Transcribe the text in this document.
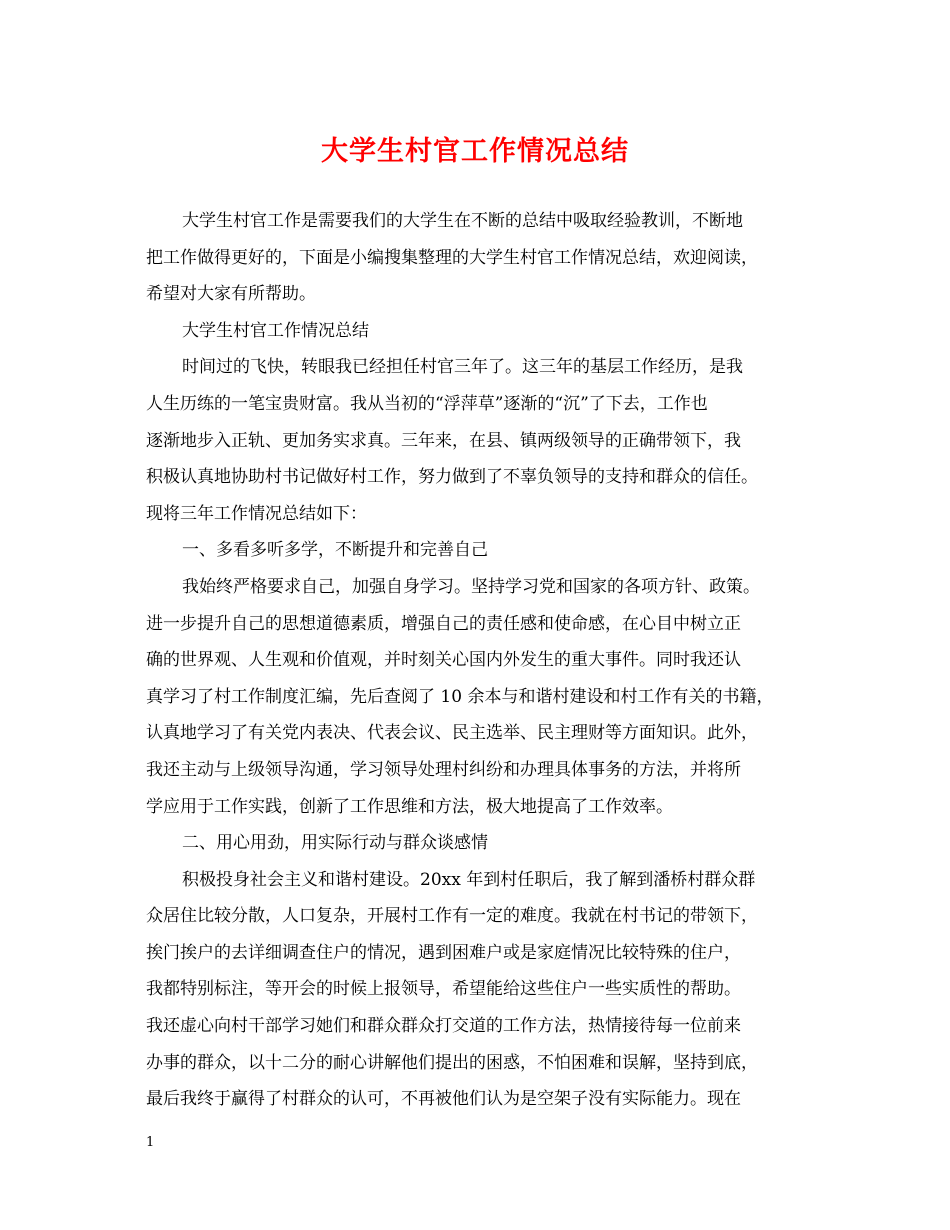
大学生村官工作情况总结
大学生村官工作是需要我们的大学生在不断的总结中吸取经验教训，不断地
把工作做得更好的，下面是小编搜集整理的大学生村官工作情况总结，欢迎阅读，
希望对大家有所帮助。
大学生村官工作情况总结
时间过的飞快，转眼我已经担任村官三年了。这三年的基层工作经历，是我
人生历练的一笔宝贵财富。我从当初的“浮萍草”逐渐的“沉”了下去，工作也
逐渐地步入正轨、更加务实求真。三年来，在县、镇两级领导的正确带领下，我
积极认真地协助村书记做好村工作，努力做到了不辜负领导的支持和群众的信任。
现将三年工作情况总结如下：
一、多看多听多学，不断提升和完善自己
我始终严格要求自己，加强自身学习。坚持学习党和国家的各项方针、政策。
进一步提升自己的思想道德素质，增强自己的责任感和使命感，在心目中树立正
确的世界观、人生观和价值观，并时刻关心国内外发生的重大事件。同时我还认
真学习了村工作制度汇编，先后查阅了 10 余本与和谐村建设和村工作有关的书籍，
认真地学习了有关党内表决、代表会议、民主选举、民主理财等方面知识。此外，
我还主动与上级领导沟通，学习领导处理村纠纷和办理具体事务的方法，并将所
学应用于工作实践，创新了工作思维和方法，极大地提高了工作效率。
二、用心用劲，用实际行动与群众谈感情
积极投身社会主义和谐村建设。20xx 年到村任职后，我了解到潘桥村群众群
众居住比较分散，人口复杂，开展村工作有一定的难度。我就在村书记的带领下，
挨门挨户的去详细调查住户的情况，遇到困难户或是家庭情况比较特殊的住户，
我都特别标注，等开会的时候上报领导，希望能给这些住户一些实质性的帮助。
我还虚心向村干部学习她们和群众群众打交道的工作方法，热情接待每一位前来
办事的群众，以十二分的耐心讲解他们提出的困惑，不怕困难和误解，坚持到底，
最后我终于赢得了村群众的认可，不再被他们认为是空架子没有实际能力。现在
1
